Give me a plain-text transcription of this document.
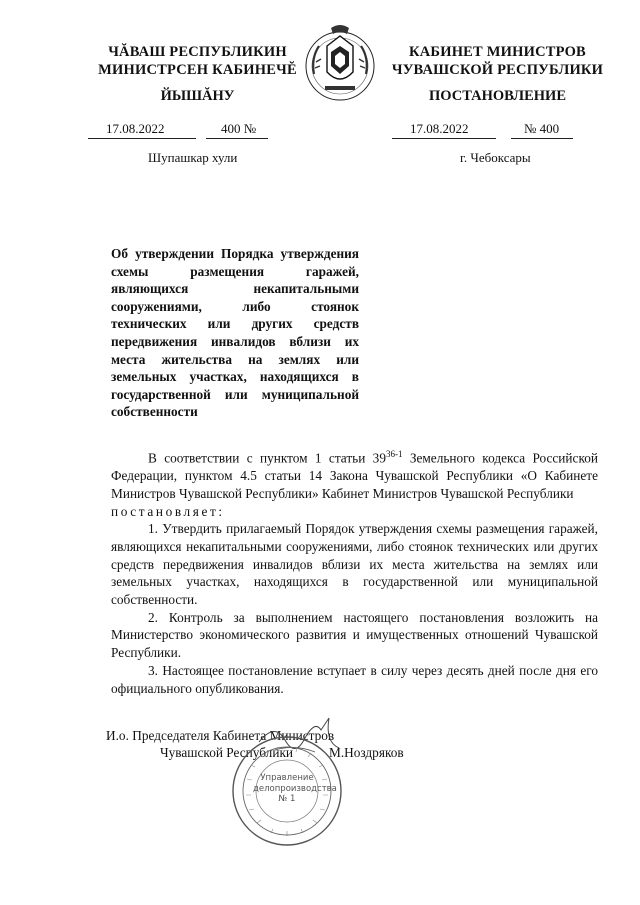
ЧĂВАШ РЕСПУБЛИКИН
МИНИСТРСЕН КАБИНЕЧĔ
ЙЫШĂНУ
КАБИНЕТ МИНИСТРОВ
ЧУВАШСКОЙ РЕСПУБЛИКИ
ПОСТАНОВЛЕНИЕ
17.08.2022	400 №	17.08.2022	№ 400
Шупашкар хули	г. Чебоксары
Об утверждении Порядка утверждения схемы размещения гаражей, являющихся некапитальными сооружениями, либо стоянок технических или других средств передвижения инвалидов вблизи их места жительства на землях или земельных участках, находящихся в государственной или муниципальной собственности
В соответствии с пунктом 1 статьи 39$^{36-1}$ Земельного кодекса Российской Федерации, пунктом 4.5 статьи 14 Закона Чувашской Республики «О Кабинете Министров Чувашской Республики» Кабинет Министров Чувашской Республики
постановляет:
1. Утвердить прилагаемый Порядок утверждения схемы размещения гаражей, являющихся некапитальными сооружениями, либо стоянок технических или других средств передвижения инвалидов вблизи их места жительства на землях или земельных участках, находящихся в государственной или муниципальной собственности.
2. Контроль за выполнением настоящего постановления возложить на Министерство экономического развития и имущественных отношений Чувашской Республики.
3. Настоящее постановление вступает в силу через десять дней после дня его официального опубликования.
И.о. Председателя Кабинета Министров
Чувашской Республики	М.Ноздряков
Управление
делопроизводства
№ 1
